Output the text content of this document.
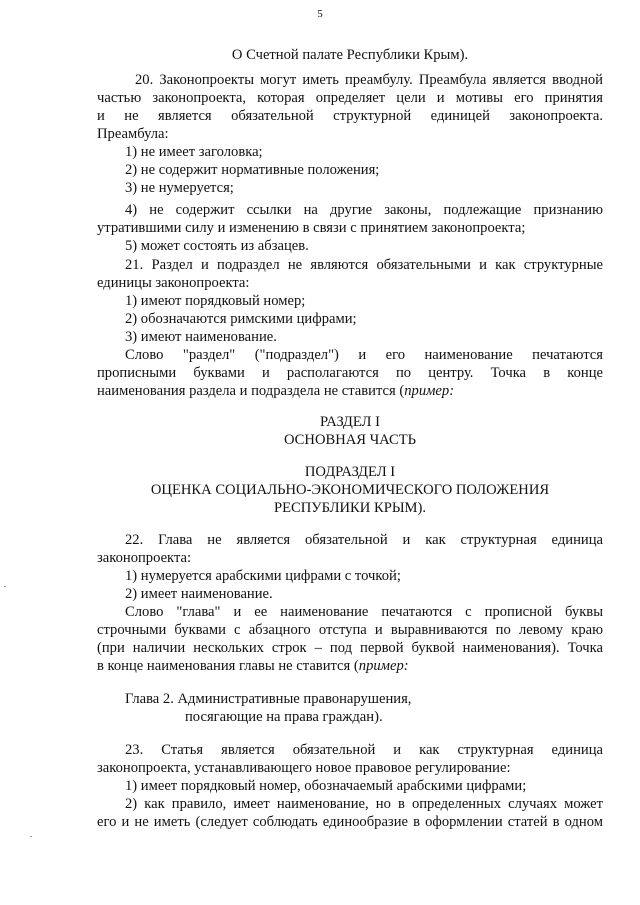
5
О Счетной палате Республики Крым).
20. Законопроекты могут иметь преамбулу. Преамбула является вводной
частью законопроекта, которая определяет цели и мотивы его принятия
и не является обязательной структурной единицей законопроекта.
Преамбула:
1) не имеет заголовка;
2) не содержит нормативные положения;
3) не нумеруется;
4) не содержит ссылки на другие законы, подлежащие признанию
утратившими силу и изменению в связи с принятием законопроекта;
5) может состоять из абзацев.
21. Раздел и подраздел не являются обязательными и как структурные
единицы законопроекта:
1) имеют порядковый номер;
2) обозначаются римскими цифрами;
3) имеют наименование.
Слово "раздел" ("подраздел") и его наименование печатаются
прописными буквами и располагаются по центру. Точка в конце
наименования раздела и подраздела не ставится (пример:
РАЗДЕЛ I
ОСНОВНАЯ ЧАСТЬ
ПОДРАЗДЕЛ I
ОЦЕНКА СОЦИАЛЬНО-ЭКОНОМИЧЕСКОГО ПОЛОЖЕНИЯ
РЕСПУБЛИКИ КРЫМ).
22. Глава не является обязательной и как структурная единица
законопроекта:
1) нумеруется арабскими цифрами с точкой;
2) имеет наименование.
Слово "глава" и ее наименование печатаются с прописной буквы
строчными буквами с абзацного отступа и выравниваются по левому краю
(при наличии нескольких строк – под первой буквой наименования). Точка
в конце наименования главы не ставится (пример:
Глава 2. Административные правонарушения,
посягающие на права граждан).
23. Статья является обязательной и как структурная единица
законопроекта, устанавливающего новое правовое регулирование:
1) имеет порядковый номер, обозначаемый арабскими цифрами;
2) как правило, имеет наименование, но в определенных случаях может
его и не иметь (следует соблюдать единообразие в оформлении статей в одном
